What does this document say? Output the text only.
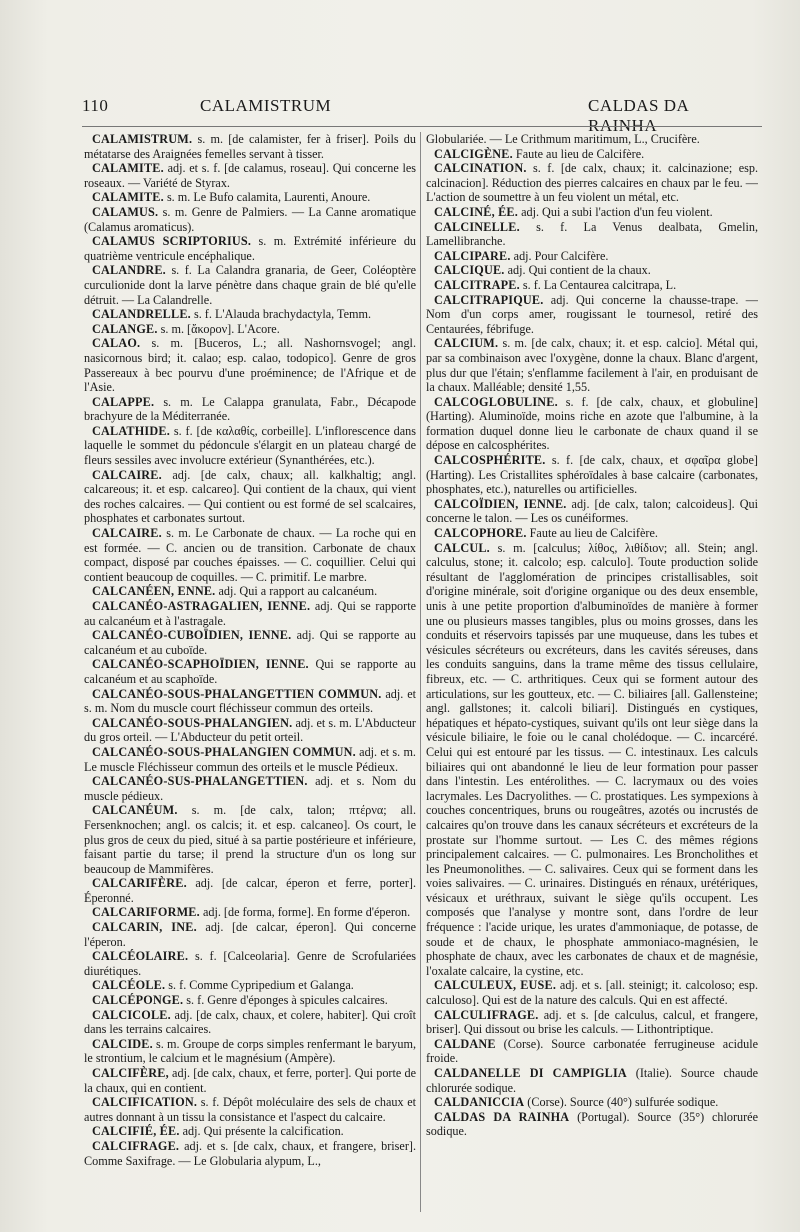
110	CALAMISTRUM	CALDAS DA RAINHA

CALAMISTRUM. s. m. [de calamister, fer à friser]. Poils du métatarse des Araignées femelles servant à tisser.

CALAMITE. adj. et s. f. [de calamus, roseau]. Qui concerne les roseaux. — Variété de Styrax.

CALAMITE. s. m. Le Bufo calamita, Laurenti, Anoure.

CALAMUS. s. m. Genre de Palmiers. — La Canne aromatique (Calamus aromaticus).

CALAMUS SCRIPTORIUS. s. m. Extrémité inférieure du quatrième ventricule encéphalique.

CALANDRE. s. f. La Calandra granaria, de Geer, Coléoptère curculionide dont la larve pénètre dans chaque grain de blé qu'elle détruit. — La Calandrelle.

CALANDRELLE. s. f. L'Alauda brachydactyla, Temm.

CALANGE. s. m. [ἄκορον]. L'Acore.

CALAO. s. m. [Buceros, L.; all. Nashornsvogel; angl. nasicornous bird; it. calao; esp. calao, todopico]. Genre de gros Passereaux à bec pourvu d'une proéminence; de l'Afrique et de l'Asie.

CALAPPE. s. m. Le Calappa granulata, Fabr., Décapode brachyure de la Méditerranée.

CALATHIDE. s. f. [de καλαθίς, corbeille]. L'inflorescence dans laquelle le sommet du pédoncule s'élargit en un plateau chargé de fleurs sessiles avec involucre extérieur (Synanthérées, etc.).

CALCAIRE. adj. [de calx, chaux; all. kalkhaltig; angl. calcareous; it. et esp. calcareo]. Qui contient de la chaux, qui vient des roches calcaires. — Qui contient ou est formé de sel scalcaires, phosphates et carbonates surtout.

CALCAIRE. s. m. Le Carbonate de chaux. — La roche qui en est formée. — C. ancien ou de transition. Carbonate de chaux compact, disposé par couches épaisses. — C. coquillier. Celui qui contient beaucoup de coquilles. — C. primitif. Le marbre.

CALCANÉEN, ENNE. adj. Qui a rapport au calcanéum.

CALCANÉO-ASTRAGALIEN, IENNE. adj. Qui se rapporte au calcanéum et à l'astragale.

CALCANÉO-CUBOÏDIEN, IENNE. adj. Qui se rapporte au calcanéum et au cuboïde.

CALCANÉO-SCAPHOÏDIEN, IENNE. Qui se rapporte au calcanéum et au scaphoïde.

CALCANÉO-SOUS-PHALANGETTIEN COMMUN. adj. et s. m. Nom du muscle court fléchisseur commun des orteils.

CALCANÉO-SOUS-PHALANGIEN. adj. et s. m. L'Abducteur du gros orteil. — L'Abducteur du petit orteil.

CALCANÉO-SOUS-PHALANGIEN COMMUN. adj. et s. m. Le muscle Fléchisseur commun des orteils et le muscle Pédieux.

CALCANÉO-SUS-PHALANGETTIEN. adj. et s. Nom du muscle pédieux.

CALCANÉUM. s. m. [de calx, talon; πτέρνα; all. Fersenknochen; angl. os calcis; it. et esp. calcaneo]. Os court, le plus gros de ceux du pied, situé à sa partie postérieure et inférieure, faisant partie du tarse; il prend la structure d'un os long sur beaucoup de Mammifères.

CALCARIFÈRE. adj. [de calcar, éperon et ferre, porter]. Éperonné.

CALCARIFORME. adj. [de forma, forme]. En forme d'éperon.

CALCARIN, INE. adj. [de calcar, éperon]. Qui concerne l'éperon.

CALCÉOLAIRE. s. f. [Calceolaria]. Genre de Scrofulariées diurétiques.

CALCÉOLE. s. f. Comme Cypripedium et Galanga.

CALCÉPONGE. s. f. Genre d'éponges à spicules calcaires.

CALCICOLE. adj. [de calx, chaux, et colere, habiter]. Qui croît dans les terrains calcaires.

CALCIDE. s. m. Groupe de corps simples renfermant le baryum, le strontium, le calcium et le magnésium (Ampère).

CALCIFÈRE, adj. [de calx, chaux, et ferre, porter]. Qui porte de la chaux, qui en contient.

CALCIFICATION. s. f. Dépôt moléculaire des sels de chaux et autres donnant à un tissu la consistance et l'aspect du calcaire.

CALCIFIÉ, ÉE. adj. Qui présente la calcification.

CALCIFRAGE. adj. et s. [de calx, chaux, et frangere, briser]. Comme Saxifrage. — Le Globularia alypum, L.,

Globulariée. — Le Crithmum maritimum, L., Crucifère.

CALCIGÈNE. Faute au lieu de Calcifère.

CALCINATION. s. f. [de calx, chaux; it. calcinazione; esp. calcinacion]. Réduction des pierres calcaires en chaux par le feu. — L'action de soumettre à un feu violent un métal, etc.

CALCINÉ, ÉE. adj. Qui a subi l'action d'un feu violent.

CALCINELLE. s. f. La Venus dealbata, Gmelin, Lamellibranche.

CALCIPARE. adj. Pour Calcifère.

CALCIQUE. adj. Qui contient de la chaux.

CALCITRAPE. s. f. La Centaurea calcitrapa, L.

CALCITRAPIQUE. adj. Qui concerne la chausse-trape. — Nom d'un corps amer, rougissant le tournesol, retiré des Centaurées, fébrifuge.

CALCIUM. s. m. [de calx, chaux; it. et esp. calcio]. Métal qui, par sa combinaison avec l'oxygène, donne la chaux. Blanc d'argent, plus dur que l'étain; s'enflamme facilement à l'air, en produisant de la chaux. Malléable; densité 1,55.

CALCOGLOBULINE. s. f. [de calx, chaux, et globuline] (Harting). Aluminoïde, moins riche en azote que l'albumine, à la formation duquel donne lieu le carbonate de chaux quand il se dépose en calcosphérites.

CALCOSPHÉRITE. s. f. [de calx, chaux, et σφαῖρα globe] (Harting). Les Cristallites sphéroïdales à base calcaire (carbonates, phosphates, etc.), naturelles ou artificielles.

CALCOÏDIEN, IENNE. adj. [de calx, talon; calcoideus]. Qui concerne le talon. — Les os cunéiformes.

CALCOPHORE. Faute au lieu de Calcifère.

CALCUL. s. m. [calculus; λίθος, λιθίδιον; all. Stein; angl. calculus, stone; it. calcolo; esp. calculo]. Toute production solide résultant de l'agglomération de principes cristallisables, soit d'origine minérale, soit d'origine organique ou des deux ensemble, unis à une petite proportion d'albuminoïdes de manière à former une ou plusieurs masses tangibles, plus ou moins grosses, dans les conduits et réservoirs tapissés par une muqueuse, dans les tubes et vésicules sécréteurs ou excréteurs, dans les cavités séreuses, dans les conduits sanguins, dans la trame même des tissus cellulaire, fibreux, etc. — C. arthritiques. Ceux qui se forment autour des articulations, sur les goutteux, etc. — C. biliaires [all. Gallensteine; angl. gallstones; it. calcoli biliari]. Distingués en cystiques, hépatiques et hépato-cystiques, suivant qu'ils ont leur siège dans la vésicule biliaire, le foie ou le canal cholédoque. — C. incarcéré. Celui qui est entouré par les tissus. — C. intestinaux. Les calculs biliaires qui ont abandonné le lieu de leur formation pour passer dans l'intestin. Les entérolithes. — C. lacrymaux ou des voies lacrymales. Les Dacryolithes. — C. prostatiques. Les sympexions à couches concentriques, bruns ou rougeâtres, azotés ou incrustés de calcaires qu'on trouve dans les canaux sécréteurs et excréteurs de la prostate sur l'homme surtout. — Les C. des mêmes régions principalement calcaires. — C. pulmonaires. Les Broncholithes et les Pneumonolithes. — C. salivaires. Ceux qui se forment dans les voies salivaires. — C. urinaires. Distingués en rénaux, urétériques, vésicaux et uréthraux, suivant le siège qu'ils occupent. Les composés que l'analyse y montre sont, dans l'ordre de leur fréquence : l'acide urique, les urates d'ammoniaque, de potasse, de soude et de chaux, le phosphate ammoniaco-magnésien, le phosphate de chaux, avec les carbonates de chaux et de magnésie, l'oxalate calcaire, la cystine, etc.

CALCULEUX, EUSE. adj. et s. [all. steinigt; it. calcoloso; esp. calculoso]. Qui est de la nature des calculs. Qui en est affecté.

CALCULIFRAGE. adj. et s. [de calculus, calcul, et frangere, briser]. Qui dissout ou brise les calculs. — Lithontriptique.

CALDANE (Corse). Source carbonatée ferrugineuse acidule froide.

CALDANELLE DI CAMPIGLIA (Italie). Source chaude chlorurée sodique.

CALDANICCIA (Corse). Source (40°) sulfurée sodique.

CALDAS DA RAINHA (Portugal). Source (35°) chlorurée sodique.
